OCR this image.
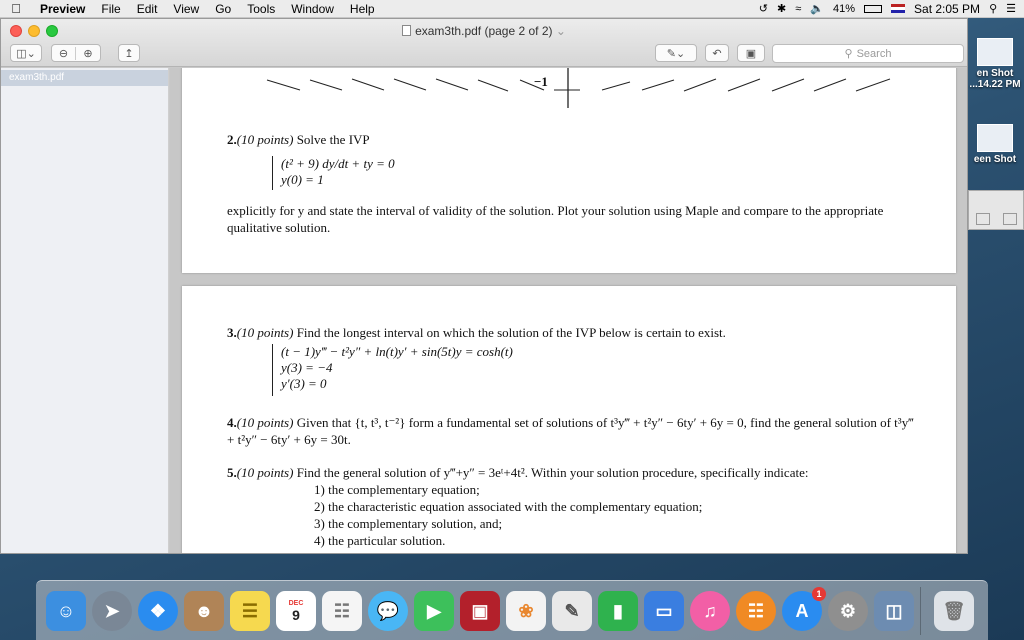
en Shot
...14.22 PM
een Shot
Preview	File	Edit	View	Go	Tools	Window	Help	↺ ✱ ≈ 🔈 41%	Sat 2:05 PM ⚲ ☰
exam3th.pdf (page 2 of 2) ⌄
◫⌄	⊖	⊕	↥	✎⌄ ↶ ▣	⚲ Search
exam3th.pdf	−1
2.(10 points) Solve the IVP
(t² + 9) dy/dt + ty = 0
y(0) = 1
explicitly for y and state the interval of validity of the solution. Plot your solution using Maple and compare to the appropriate qualitative solution.
3.(10 points) Find the longest interval on which the solution of the IVP below is certain to exist.
(t − 1)y‴ − t²y″ + ln(t)y′ + sin(5t)y = cosh(t)
y(3) = −4
y′(3) = 0
4.(10 points) Given that {t, t³, t⁻²} form a fundamental set of solutions of t³y‴ + t²y″ − 6ty′ + 6y = 0, find the general solution of t³y‴ + t²y″ − 6ty′ + 6y = 30t.
5.(10 points) Find the general solution of y‴+y″ = 3eᵗ+4t². Within your solution procedure, specifically indicate:
1) the complementary equation;
2) the characteristic equation associated with the complementary equation;
3) the complementary solution, and;
4) the particular solution.
☺	➤	❖	☻	☰	DEC
9	☷	💬	▶	▣	❀	✎	▮	▭	♫	☷	A
1
⚙	◫	🗑
